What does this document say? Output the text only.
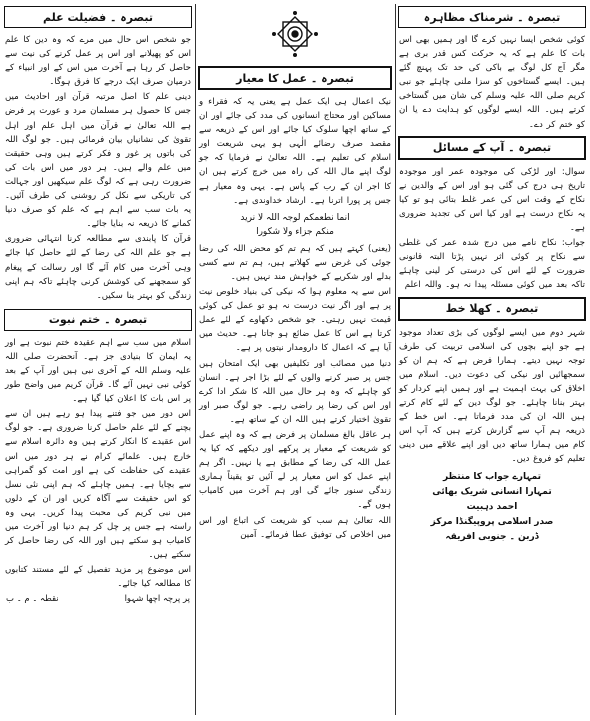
تبصرہ ۔ فضیلت علم

جو شخص اس حال میں مرے کہ وہ دین کا علم اس کو پھیلانے اور اس پر عمل کرنے کی نیت سے حاصل کر رہا ہے آخرت میں اس کے اور انبیاء کے درمیان صرف ایک درجے کا فرق ہوگا۔

دینی علم کا اصل مرتبہ قرآن اور احادیث میں جس کا حصول ہر مسلمان مرد و عورت پر فرض ہے اللہ تعالیٰ نے قرآن میں اہل علم اور اہل تقویٰ کی نشانیاں بیان فرمائی ہیں۔ جو لوگ اللہ کی باتوں پر غور و فکر کرتے ہیں وہی حقیقت میں علم والے ہیں۔ ہر دور میں اس بات کی ضرورت رہی ہے کہ لوگ علم سیکھیں اور جہالت کی تاریکی سے نکل کر روشنی کی طرف آئیں۔ یہ بات سب سے اہم ہے کہ علم کو صرف دنیا کمانے کا ذریعہ نہ بنایا جائے۔

قرآن کا پابندی سے مطالعہ کرنا انتہائی ضروری ہے جو علم اللہ کی رضا کے لئے حاصل کیا جائے وہی آخرت میں کام آئے گا اور رسالت کے پیغام کو سمجھنے کی کوشش کرنی چاہئے تاکہ ہم اپنی زندگی کو بہتر بنا سکیں۔

تبصرہ ۔ ختم نبوت

اسلام میں سب سے اہم عقیدہ ختم نبوت ہے اور یہ ایمان کا بنیادی جز ہے۔ آنحضرت صلی اللہ علیہ وسلم اللہ کے آخری نبی ہیں اور آپ کے بعد کوئی نبی نہیں آئے گا۔ قرآن کریم میں واضح طور پر اس بات کا اعلان کیا گیا ہے۔

اس دور میں جو فتنے پیدا ہو رہے ہیں ان سے بچنے کے لئے علم حاصل کرنا ضروری ہے۔ جو لوگ اس عقیدے کا انکار کرتے ہیں وہ دائرہ اسلام سے خارج ہیں۔ علمائے کرام نے ہر دور میں اس عقیدے کی حفاظت کی ہے اور امت کو گمراہی سے بچایا ہے۔ ہمیں چاہئے کہ ہم اپنی نئی نسل کو اس حقیقت سے آگاہ کریں اور ان کے دلوں میں نبی کریم کی محبت پیدا کریں۔ یہی وہ راستہ ہے جس پر چل کر ہم دنیا اور آخرت میں کامیاب ہو سکتے ہیں اور اللہ کی رضا حاصل کر سکتے ہیں۔

اس موضوع پر مزید تفصیل کے لئے مستند کتابوں کا مطالعہ کیا جائے۔

نقطہ ۔ م ۔ ب	پر پرچہ اچھا شہوا
تبصرہ ۔ عمل کا معیار

نیک اعمال ہی ایک عمل ہے یعنی یہ کہ فقراء و مساکین اور محتاج انسانوں کی مدد کی جائے اور ان کے ساتھ اچھا سلوک کیا جائے اور اس کے ذریعہ سے مقصد صرف رضائے الٰہی ہو یہی شریعت اور اسلام کی تعلیم ہے۔ اللہ تعالیٰ نے فرمایا کہ جو لوگ اپنے مال اللہ کی راہ میں خرچ کرتے ہیں ان کا اجر ان کے رب کے پاس ہے۔ یہی وہ معیار ہے جس پر پورا اترنا ہے۔ ارشاد خداوندی ہے۔

انما نطعمکم لوجہ اللہ لا نرید
منکم جزاء ولا شکورا

(یعنی) کہتے ہیں کہ ہم تم کو محض اللہ کی رضا جوئی کی غرض سے کھلاتے ہیں، ہم تم سے کسی بدلے اور شکریے کے خواہش مند نہیں ہیں۔

اس سے یہ معلوم ہوا کہ نیکی کی بنیاد خلوص نیت پر ہے اور اگر نیت درست نہ ہو تو عمل کی کوئی قیمت نہیں رہتی۔ جو شخص دکھاوے کے لئے عمل کرتا ہے اس کا عمل ضائع ہو جاتا ہے۔ حدیث میں آیا ہے کہ اعمال کا دارومدار نیتوں پر ہے۔

دنیا میں مصائب اور تکلیفیں بھی ایک امتحان ہیں جس پر صبر کرنے والوں کے لئے بڑا اجر ہے۔ انسان کو چاہئے کہ وہ ہر حال میں اللہ کا شکر ادا کرے اور اس کی رضا پر راضی رہے۔ جو لوگ صبر اور تقویٰ اختیار کرتے ہیں اللہ ان کے ساتھ ہے۔

ہر عاقل بالغ مسلمان پر فرض ہے کہ وہ اپنے عمل کو شریعت کے معیار پر پرکھے اور دیکھے کہ کیا یہ عمل اللہ کی رضا کے مطابق ہے یا نہیں۔ اگر ہم اپنے عمل کو اس معیار پر لے آئیں تو یقیناً ہماری زندگی سنور جائے گی اور ہم آخرت میں کامیاب ہوں گے۔

اللہ تعالیٰ ہم سب کو شریعت کی اتباع اور اس میں اخلاص کی توفیق عطا فرمائے۔ آمین

تبصرہ ۔ شرمناک مظاہرہ

کوئی شخص ایسا نہیں کرے گا اور ہمیں بھی اس بات کا علم ہے کہ یہ حرکت کس قدر بری ہے مگر آج کل لوگ بے باکی کی حد تک پہنچ گئے ہیں۔ ایسے گستاخوں کو سزا ملنی چاہئے جو نبی کریم صلی اللہ علیہ وسلم کی شان میں گستاخی کرتے ہیں۔ اللہ ایسے لوگوں کو ہدایت دے یا ان کو ختم کر دے۔

تبصرہ ۔ آپ کے مسائل

سوال: اور لڑکی کی موجودہ عمر اور موجودہ تاریخ ہی درج کی گئی ہو اور اس کے والدین نے نکاح کے وقت اس کی عمر غلط بتائی ہو تو کیا یہ نکاح درست ہے اور کیا اس کی تجدید ضروری ہے۔

جواب: نکاح نامے میں درج شدہ عمر کی غلطی سے نکاح پر کوئی اثر نہیں پڑتا البتہ قانونی ضرورت کے لئے اس کی درستی کر لینی چاہئے تاکہ بعد میں کوئی مسئلہ پیدا نہ ہو۔ واللہ اعلم

تبصرہ ۔ کھلا خط

شہر دوم میں ایسے لوگوں کی بڑی تعداد موجود ہے جو اپنے بچوں کی اسلامی تربیت کی طرف توجہ نہیں دیتے۔ ہمارا فرض ہے کہ ہم ان کو سمجھائیں اور نیکی کی دعوت دیں۔ اسلام میں اخلاق کی بہت اہمیت ہے اور ہمیں اپنے کردار کو بہتر بنانا چاہئے۔ جو لوگ دین کے لئے کام کرتے ہیں اللہ ان کی مدد فرماتا ہے۔ اس خط کے ذریعہ ہم آپ سے گزارش کرتے ہیں کہ آپ اس کام میں ہمارا ساتھ دیں اور اپنے علاقے میں دینی تعلیم کو فروغ دیں۔

تمہارے جواب کا منتظر
تمہارا انسانی شریک بھائی
احمد دہبیت
صدر اسلامی پروپیگنڈا مرکز
ڈربن ۔ جنوبی افریقہ
